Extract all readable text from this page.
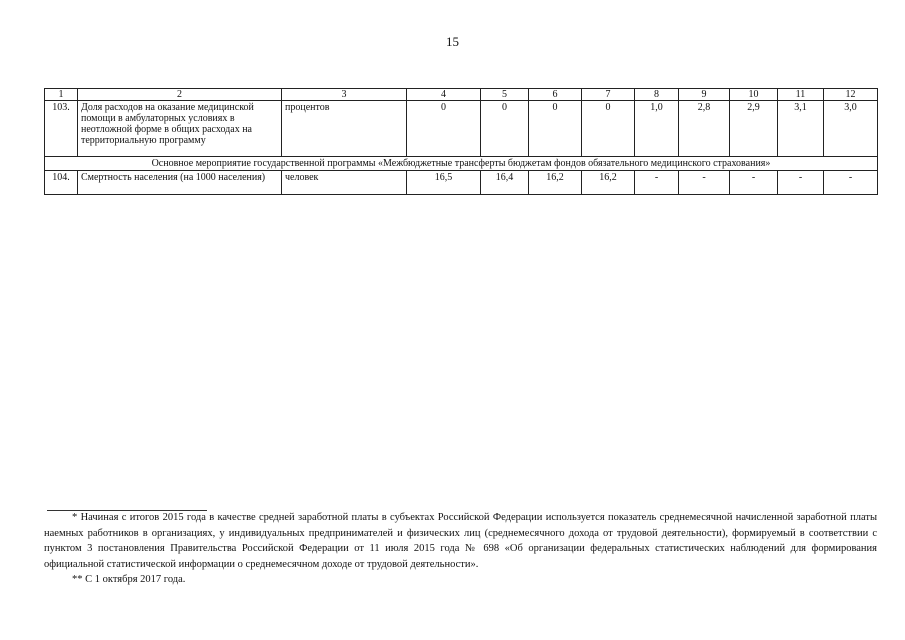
15
1	2	3	4	5	6	7	8	9	10	11	12
103.	Доля расходов на оказание медицинской помощи в амбулаторных условиях в неотложной форме в общих расходах на территориальную программу	процентов	0	0	0	0	1,0	2,8	2,9	3,1	3,0
Основное мероприятие государственной программы «Межбюджетные трансферты бюджетам фондов обязательного медицинского страхования»											
104.	Смертность населения (на 1000 населения)	человек	16,5	16,4	16,2	16,2	-	-	-	-	-

* Начиная с итогов 2015 года в качестве средней заработной платы в субъектах Российской Федерации используется показатель среднемесячной начисленной заработной платы наемных работников в организациях, у индивидуальных предпринимателей и физических лиц (среднемесячного дохода от трудовой деятельности), формируемый в соответствии с пунктом 3 постановления Правительства Российской Федерации от 11 июля 2015 года № 698 «Об организации федеральных статистических наблюдений для формирования официальной статистической информации о среднемесячном доходе от трудовой деятельности».

** С 1 октября 2017 года.
